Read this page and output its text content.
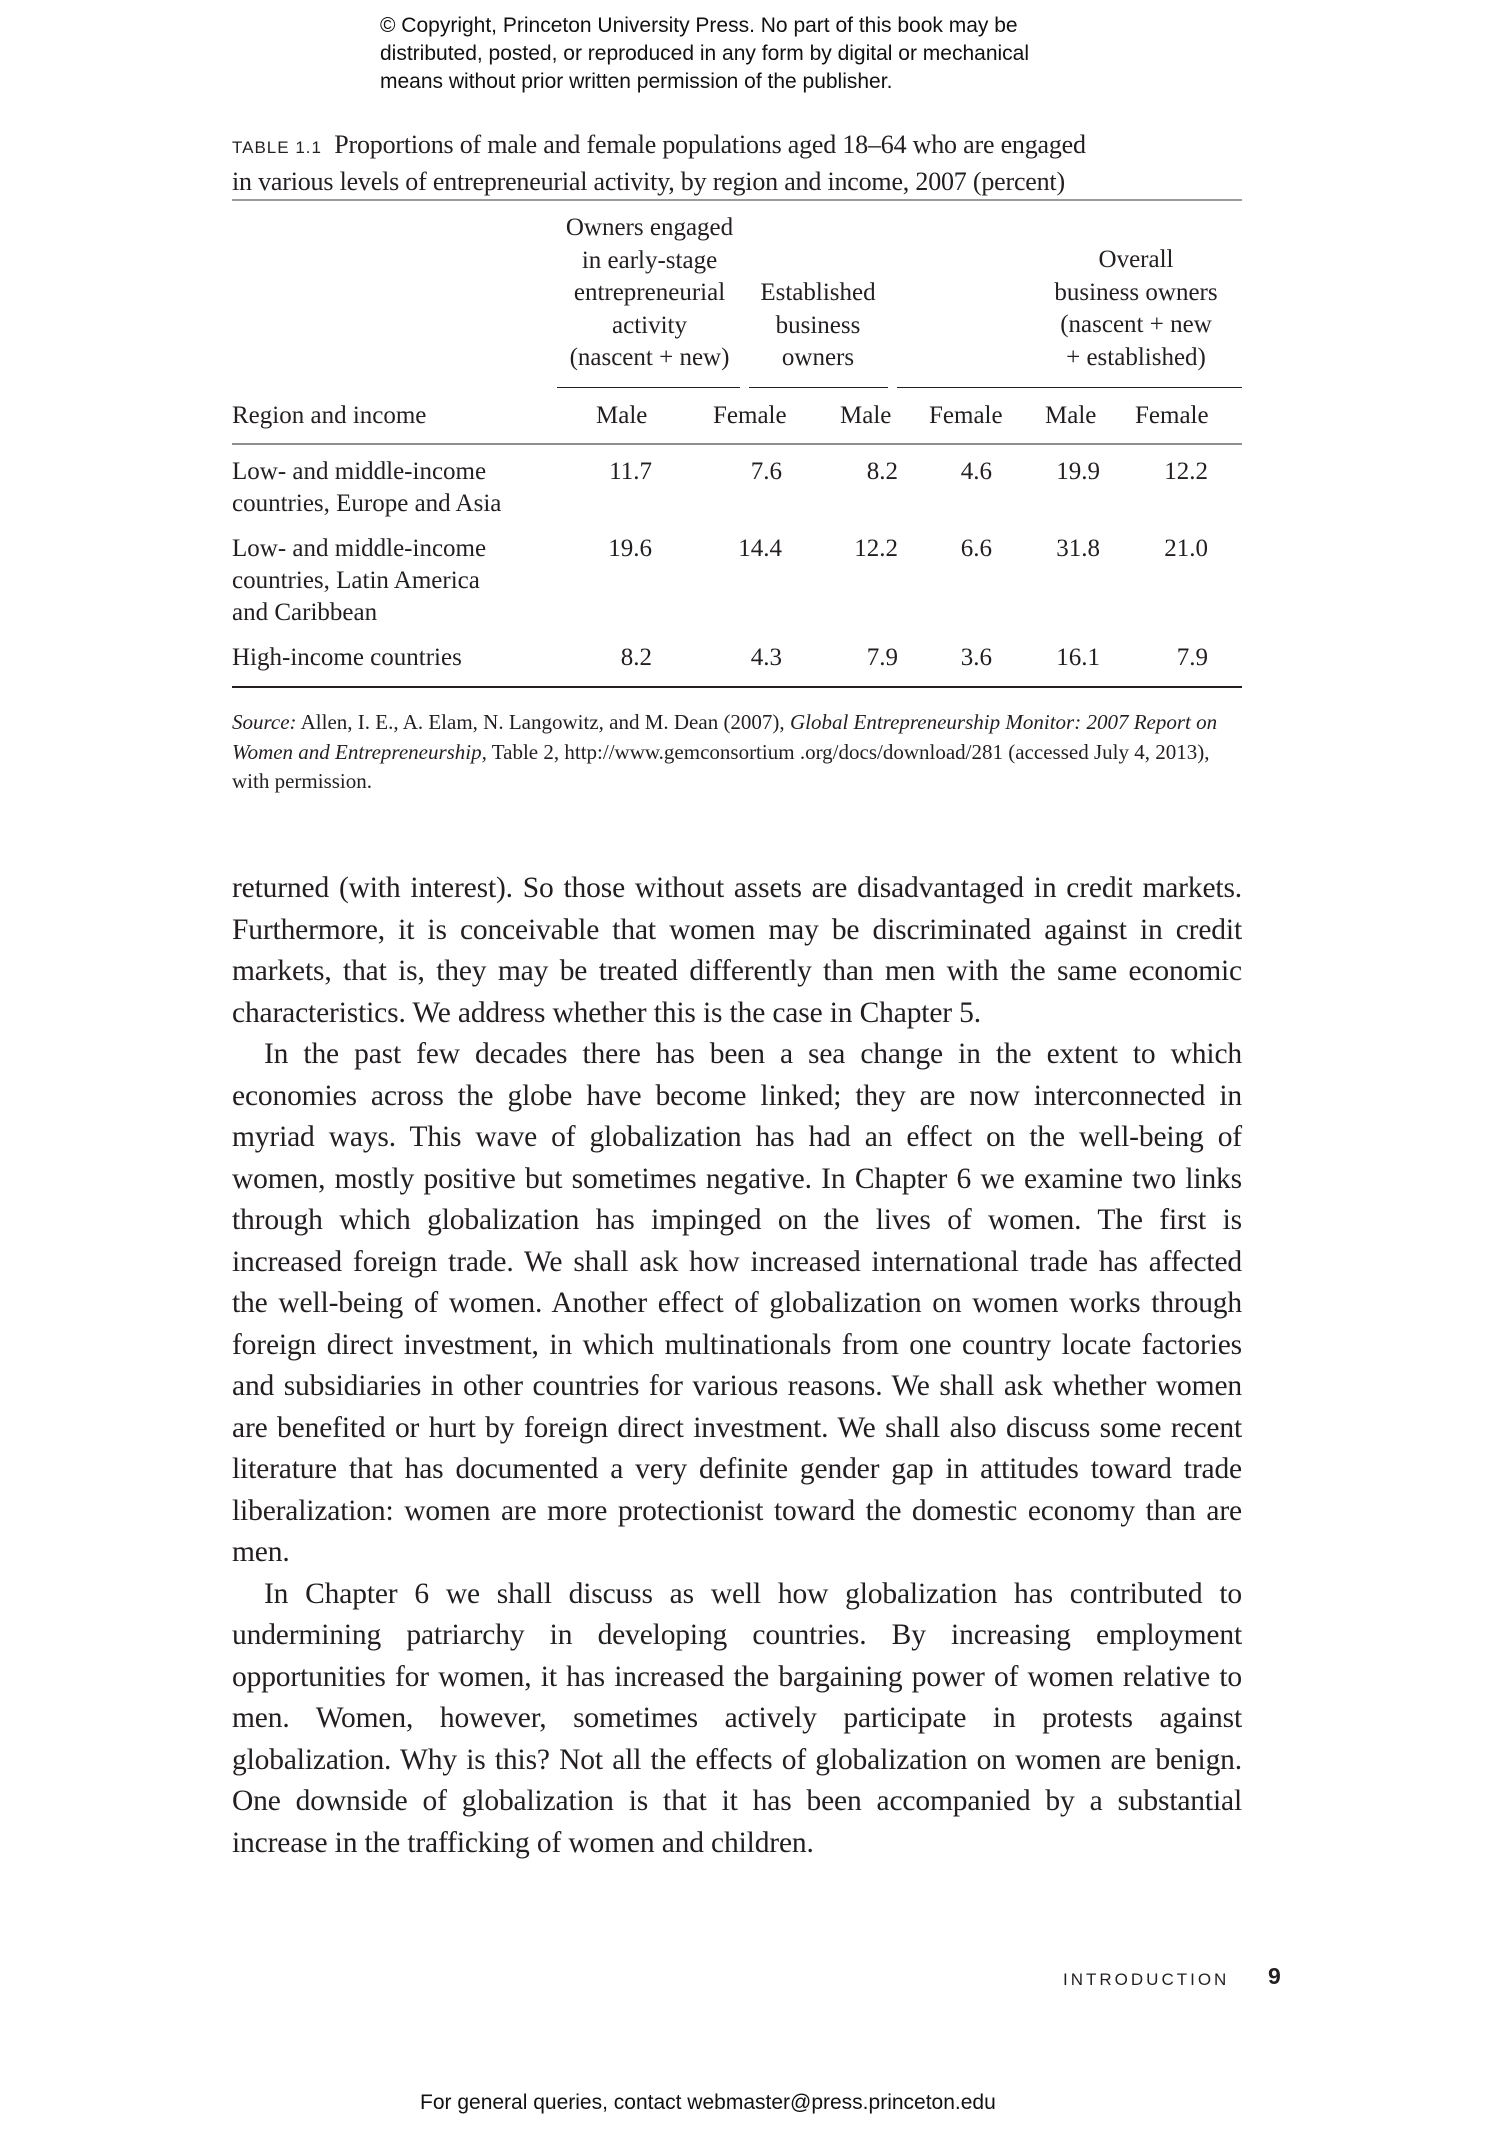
© Copyright, Princeton University Press. No part of this book may be
distributed, posted, or reproduced in any form by digital or mechanical
means without prior written permission of the publisher.
TABLE 1.1 Proportions of male and female populations aged 18–64 who are engaged
in various levels of entrepreneurial activity, by region and income, 2007 (percent)
Owners engaged
in early-stage
entrepreneurial
activity
(nascent + new)
Established
business
owners
Overall
business owners
(nascent + new
+ established)
Region and income	Male	Female Male Female Male Female
Low- and middle-income
countries, Europe and Asia
11.7	7.6	8.2	4.6	19.9	12.2
Low- and middle-income
countries, Latin America
and Caribbean
19.6	14.4	12.2	6.6	31.8	21.0
High-income countries	8.2	4.3	7.9	3.6	16.1	7.9
Source: Allen, I. E., A. Elam, N. Langowitz, and M. Dean (2007), Global Entrepreneurship Monitor: 2007 Report on Women and Entrepreneurship, Table 2, http://www.gemconsortium .org/docs/download/281 (accessed July 4, 2013), with permission.

returned (with interest). So those without assets are disadvantaged in credit markets. Furthermore, it is conceivable that women may be discriminated against in credit markets, that is, they may be treated differently than men with the same economic characteristics. We address whether this is the case in Chapter 5.

In the past few decades there has been a sea change in the extent to which economies across the globe have become linked; they are now interconnected in myriad ways. This wave of globalization has had an effect on the well-being of women, mostly positive but sometimes negative. In Chapter 6 we examine two links through which globalization has impinged on the lives of women. The first is increased foreign trade. We shall ask how increased international trade has affected the well-being of women. Another effect of globalization on women works through foreign direct investment, in which multinationals from one country locate factories and subsidiaries in other countries for various reasons. We shall ask whether women are benefited or hurt by foreign direct investment. We shall also discuss some recent literature that has documented a very definite gender gap in attitudes toward trade liberalization: women are more protectionist toward the domestic economy than are men.

In Chapter 6 we shall discuss as well how globalization has contributed to undermining patriarchy in developing countries. By increasing employment opportunities for women, it has increased the bargaining power of women relative to men. Women, however, sometimes actively participate in protests against globalization. Why is this? Not all the effects of globalization on women are benign. One downside of globalization is that it has been accompanied by a substantial increase in the trafficking of women and children.

INTRODUCTION 9
For general queries, contact webmaster@press.princeton.edu
